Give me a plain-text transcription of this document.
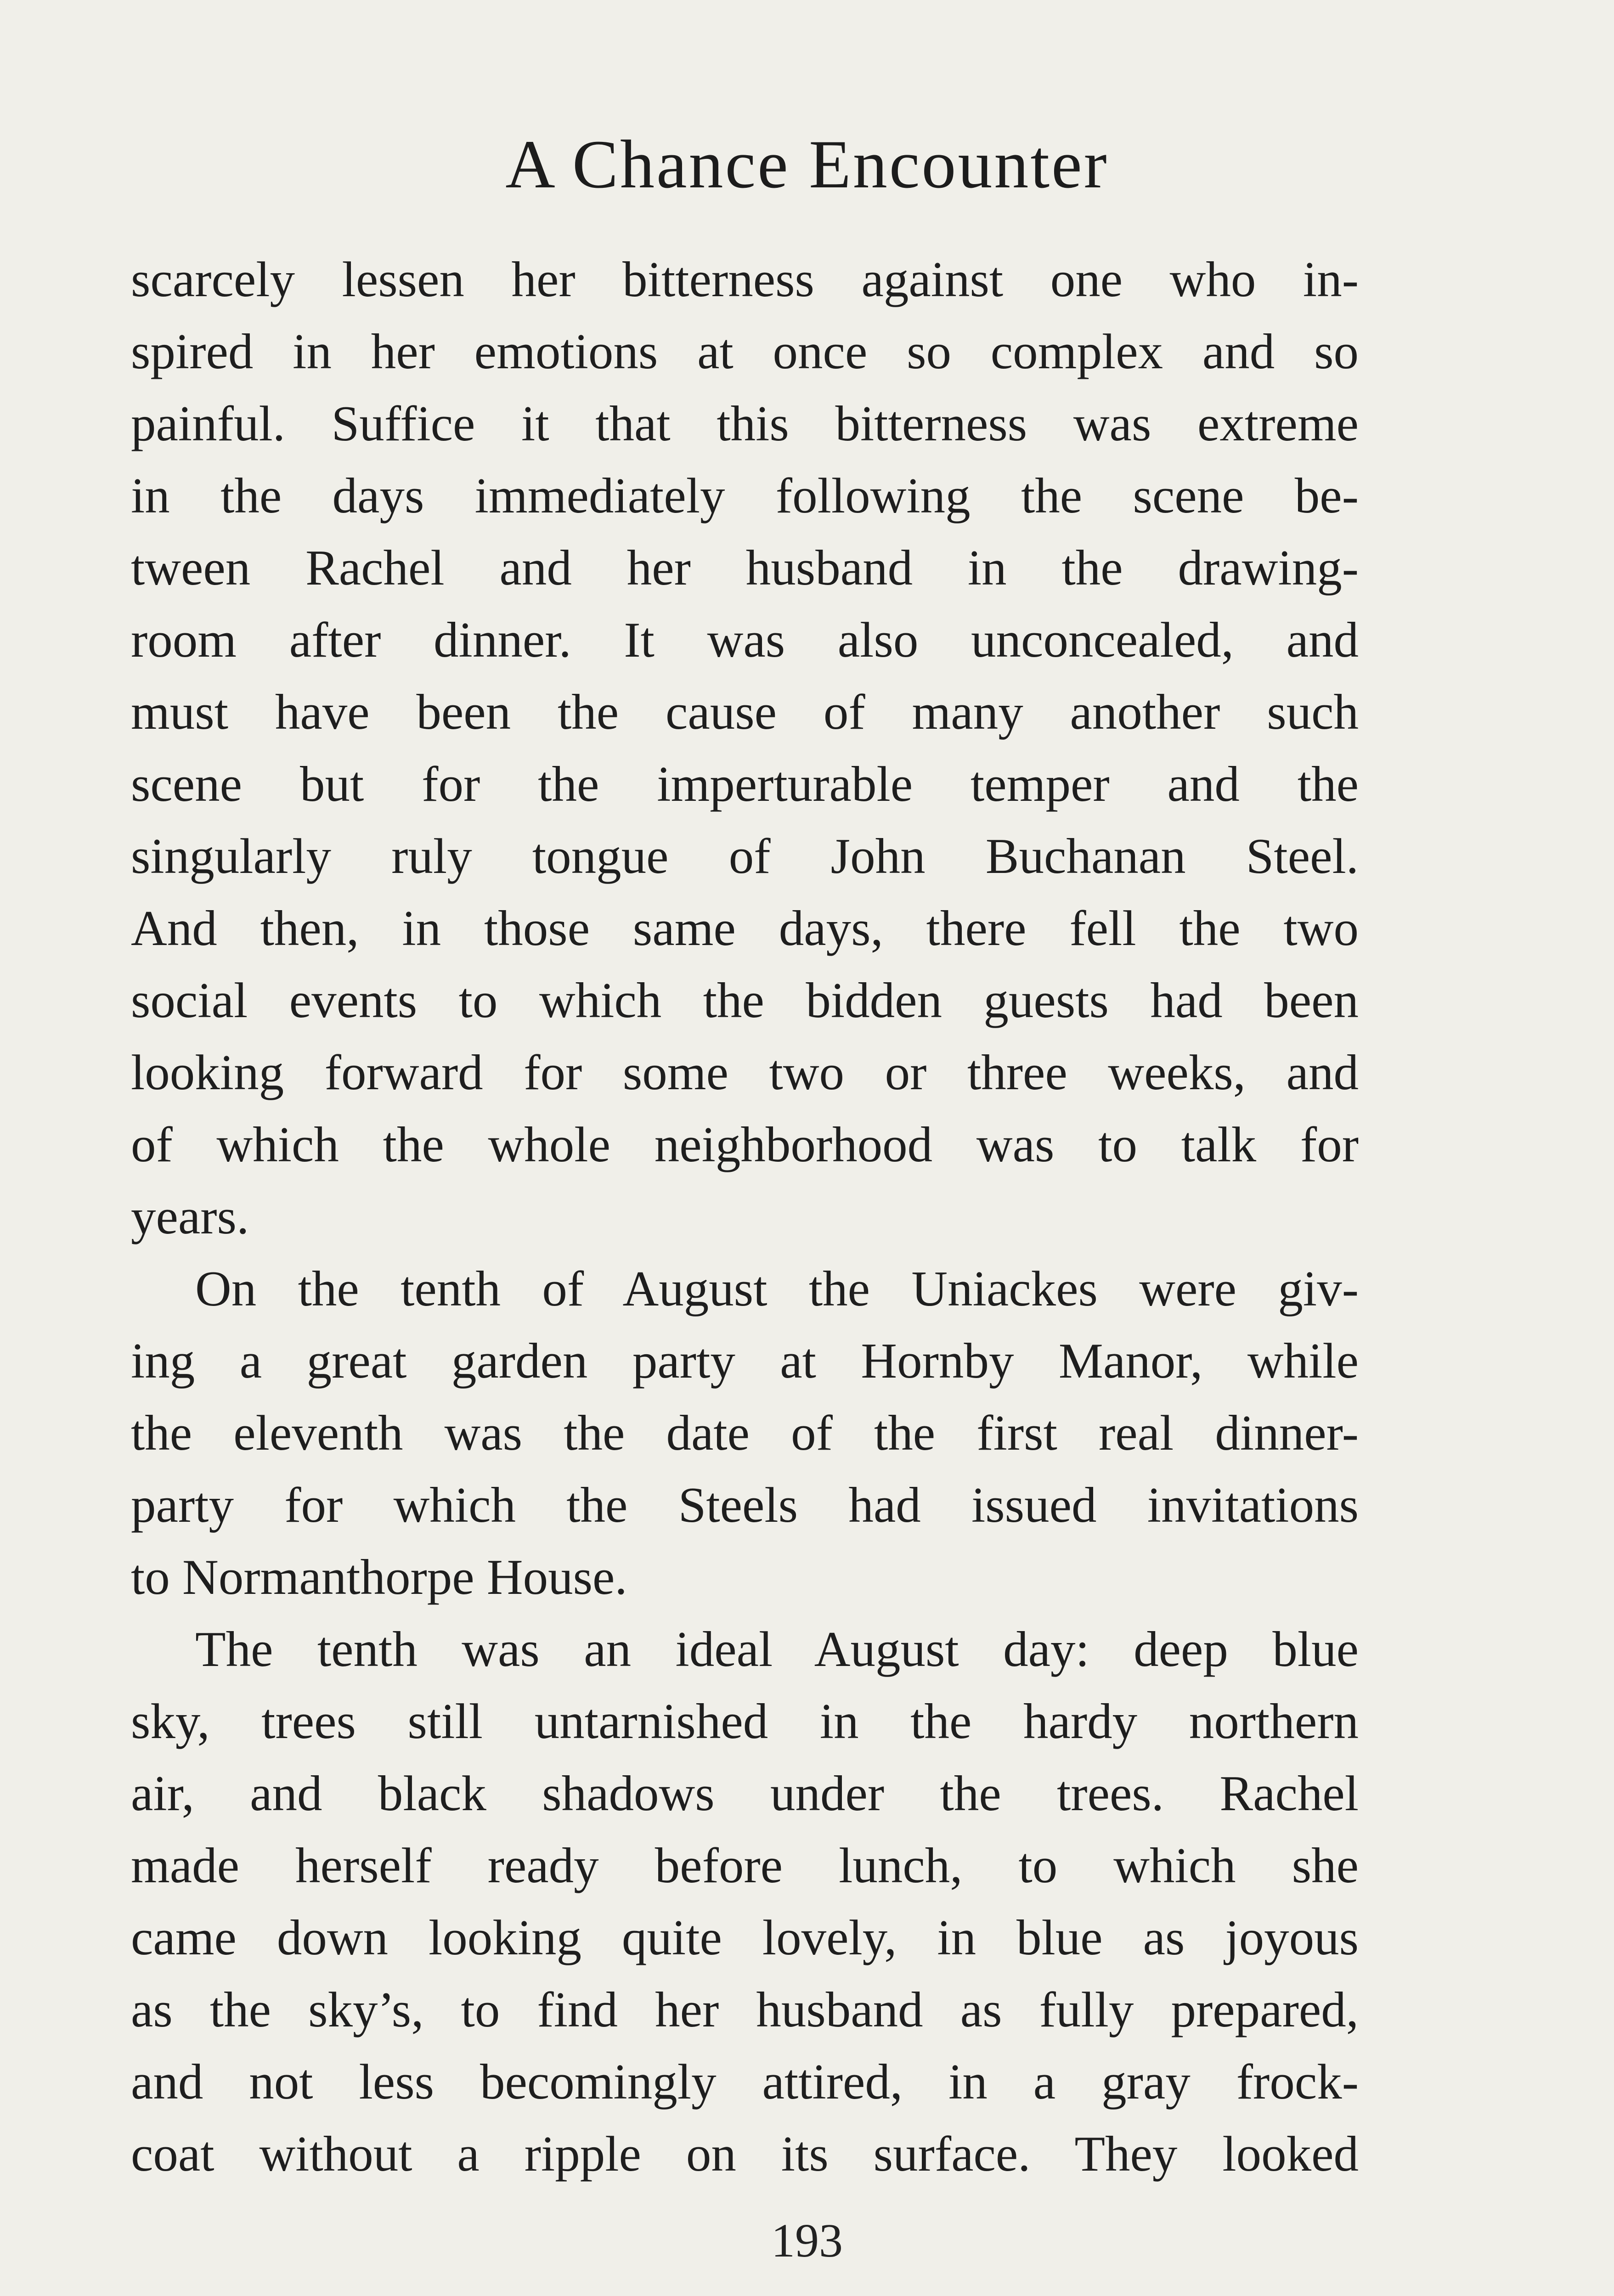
A Chance Encounter
scarcely lessen her bitterness against one who in-
spired in her emotions at once so complex and so
painful. Suffice it that this bitterness was extreme
in the days immediately following the scene be-
tween Rachel and her husband in the drawing-
room after dinner. It was also unconcealed, and
must have been the cause of many another such
scene but for the imperturable temper and the
singularly ruly tongue of John Buchanan Steel.
And then, in those same days, there fell the two
social events to which the bidden guests had been
looking forward for some two or three weeks, and
of which the whole neighborhood was to talk for
years.
On the tenth of August the Uniackes were giv-
ing a great garden party at Hornby Manor, while
the eleventh was the date of the first real dinner-
party for which the Steels had issued invitations
to Normanthorpe House.
The tenth was an ideal August day: deep blue
sky, trees still untarnished in the hardy northern
air, and black shadows under the trees. Rachel
made herself ready before lunch, to which she
came down looking quite lovely, in blue as joyous
as the sky’s, to find her husband as fully prepared,
and not less becomingly attired, in a gray frock-
coat without a ripple on its surface. They looked
193
